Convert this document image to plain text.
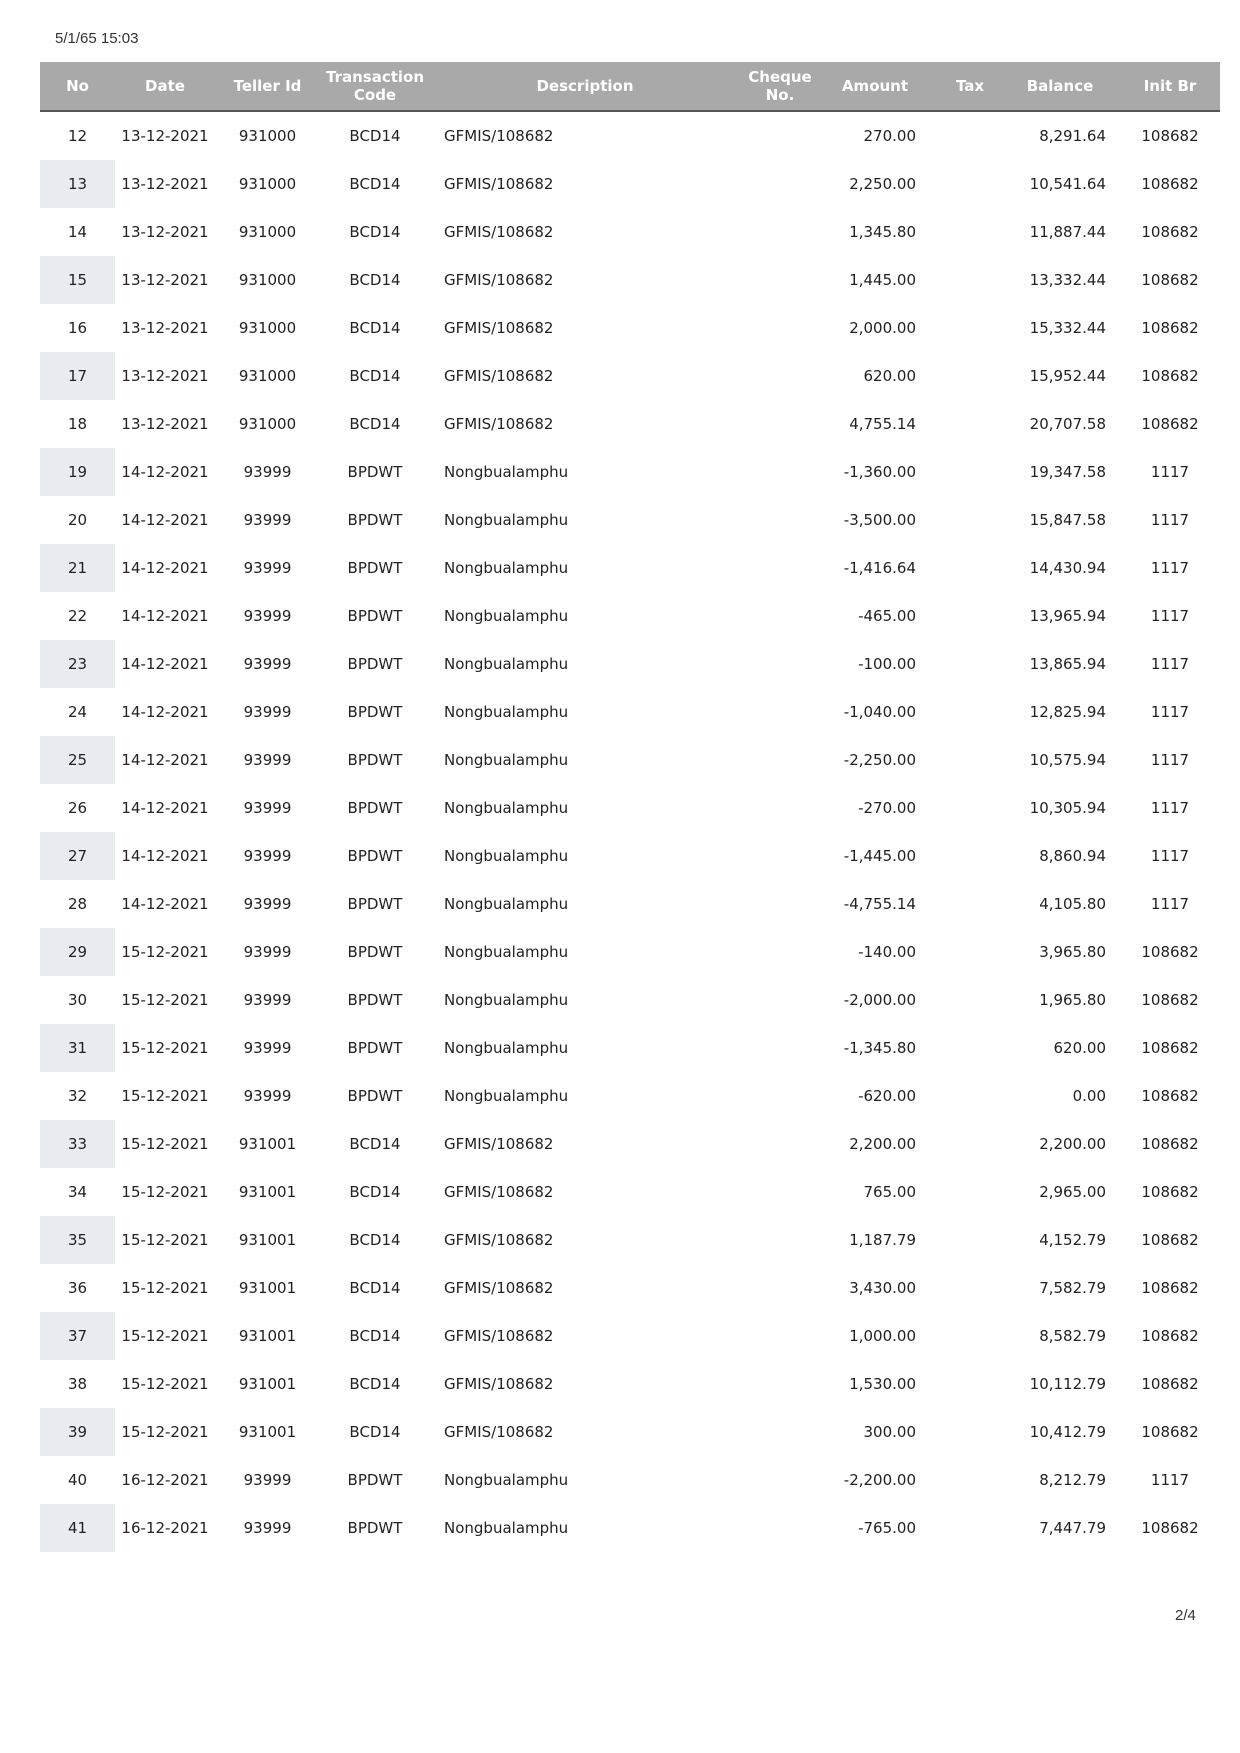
5/1/65 15:03
No	Date	Teller Id	Transaction Code	Description	Cheque No.	Amount	Tax	Balance	Init Br
12	13-12-2021	931000	BCD14	GFMIS/108682		270.00		8,291.64	108682
13	13-12-2021	931000	BCD14	GFMIS/108682		2,250.00		10,541.64	108682
14	13-12-2021	931000	BCD14	GFMIS/108682		1,345.80		11,887.44	108682
15	13-12-2021	931000	BCD14	GFMIS/108682		1,445.00		13,332.44	108682
16	13-12-2021	931000	BCD14	GFMIS/108682		2,000.00		15,332.44	108682
17	13-12-2021	931000	BCD14	GFMIS/108682		620.00		15,952.44	108682
18	13-12-2021	931000	BCD14	GFMIS/108682		4,755.14		20,707.58	108682
19	14-12-2021	93999	BPDWT	Nongbualamphu		-1,360.00		19,347.58	1117
20	14-12-2021	93999	BPDWT	Nongbualamphu		-3,500.00		15,847.58	1117
21	14-12-2021	93999	BPDWT	Nongbualamphu		-1,416.64		14,430.94	1117
22	14-12-2021	93999	BPDWT	Nongbualamphu		-465.00		13,965.94	1117
23	14-12-2021	93999	BPDWT	Nongbualamphu		-100.00		13,865.94	1117
24	14-12-2021	93999	BPDWT	Nongbualamphu		-1,040.00		12,825.94	1117
25	14-12-2021	93999	BPDWT	Nongbualamphu		-2,250.00		10,575.94	1117
26	14-12-2021	93999	BPDWT	Nongbualamphu		-270.00		10,305.94	1117
27	14-12-2021	93999	BPDWT	Nongbualamphu		-1,445.00		8,860.94	1117
28	14-12-2021	93999	BPDWT	Nongbualamphu		-4,755.14		4,105.80	1117
29	15-12-2021	93999	BPDWT	Nongbualamphu		-140.00		3,965.80	108682
30	15-12-2021	93999	BPDWT	Nongbualamphu		-2,000.00		1,965.80	108682
31	15-12-2021	93999	BPDWT	Nongbualamphu		-1,345.80		620.00	108682
32	15-12-2021	93999	BPDWT	Nongbualamphu		-620.00		0.00	108682
33	15-12-2021	931001	BCD14	GFMIS/108682		2,200.00		2,200.00	108682
34	15-12-2021	931001	BCD14	GFMIS/108682		765.00		2,965.00	108682
35	15-12-2021	931001	BCD14	GFMIS/108682		1,187.79		4,152.79	108682
36	15-12-2021	931001	BCD14	GFMIS/108682		3,430.00		7,582.79	108682
37	15-12-2021	931001	BCD14	GFMIS/108682		1,000.00		8,582.79	108682
38	15-12-2021	931001	BCD14	GFMIS/108682		1,530.00		10,112.79	108682
39	15-12-2021	931001	BCD14	GFMIS/108682		300.00		10,412.79	108682
40	16-12-2021	93999	BPDWT	Nongbualamphu		-2,200.00		8,212.79	1117
41	16-12-2021	93999	BPDWT	Nongbualamphu		-765.00		7,447.79	108682
2/4
